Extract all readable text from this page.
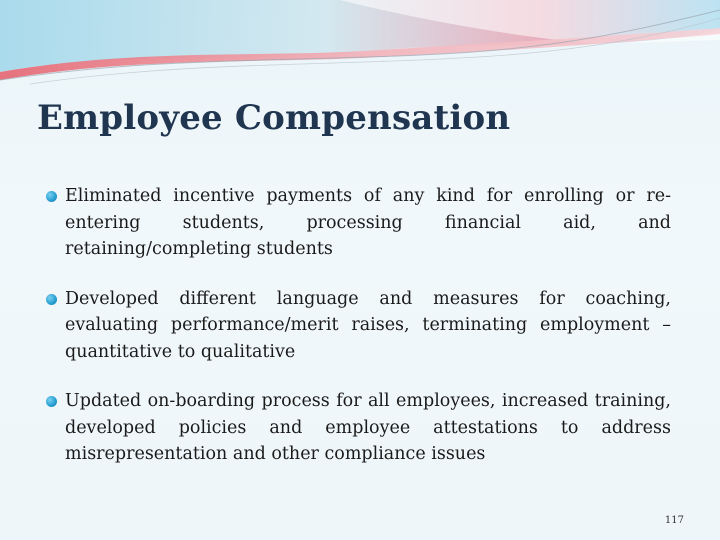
Employee Compensation
Eliminated incentive payments of any kind for enrolling or re-entering students, processing financial aid, and retaining/completing students
Developed different language and measures for coaching, evaluating performance/merit raises, terminating employment – quantitative to qualitative
Updated on-boarding process for all employees, increased training, developed policies and employee attestations to address misrepresentation and other compliance issues
117
